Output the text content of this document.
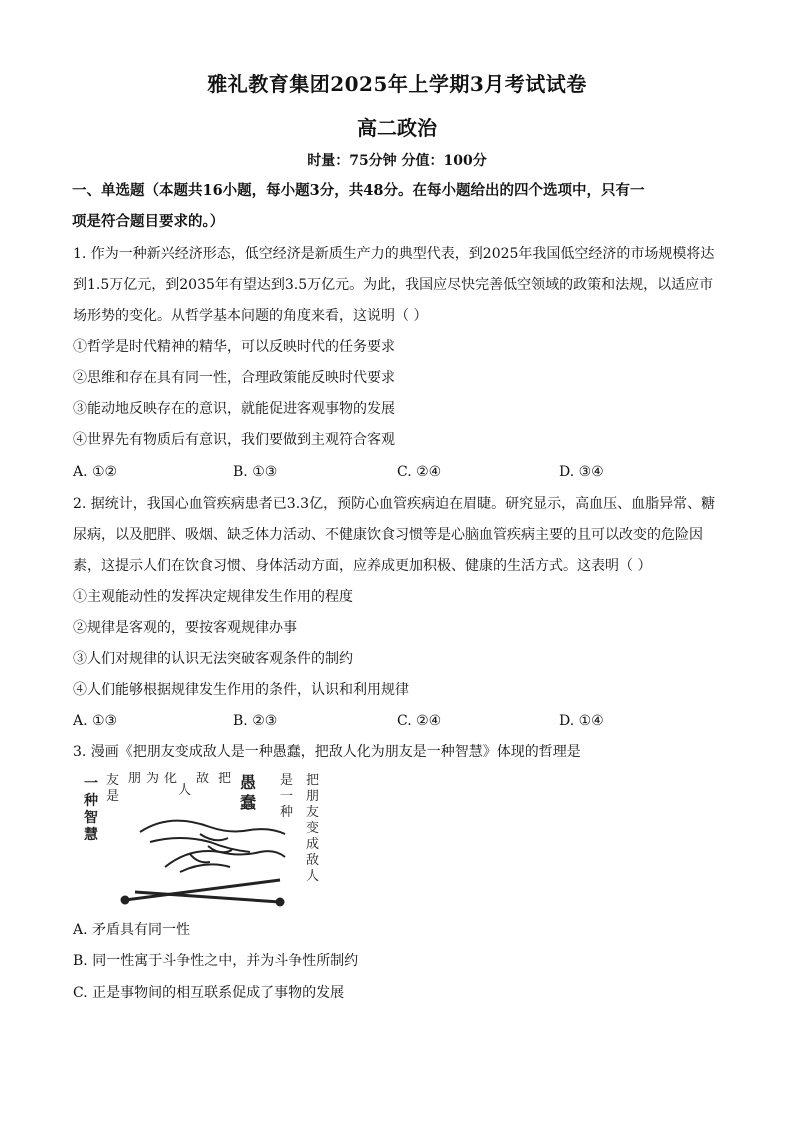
雅礼教育集团2025年上学期3月考试试卷
高二政治
时量：75分钟 分值：100分
一、单选题（本题共16小题，每小题3分，共48分。在每小题给出的四个选项中，只有一
项是符合题目要求的。）
1. 作为一种新兴经济形态，低空经济是新质生产力的典型代表，到2025年我国低空经济的市场规模将达
到1.5万亿元，到2035年有望达到3.5万亿元。为此，我国应尽快完善低空领域的政策和法规，以适应市
场形势的变化。从哲学基本问题的角度来看，这说明（ ）
①哲学是时代精神的精华，可以反映时代的任务要求
②思维和存在具有同一性，合理政策能反映时代要求
③能动地反映存在的意识，就能促进客观事物的发展
④世界先有物质后有意识，我们要做到主观符合客观
A. ①②	B. ①③	C. ②④	D. ③④
2. 据统计，我国心血管疾病患者已3.3亿，预防心血管疾病迫在眉睫。研究显示，高血压、血脂异常、糖
尿病，以及肥胖、吸烟、缺乏体力活动、不健康饮食习惯等是心脑血管疾病主要的且可以改变的危险因
素，这提示人们在饮食习惯、身体活动方面，应养成更加积极、健康的生活方式。这表明（ ）
①主观能动性的发挥决定规律发生作用的程度
②规律是客观的，要按客观规律办事
③人们对规律的认识无法突破客观条件的制约
④人们能够根据规律发生作用的条件，认识和利用规律
A. ①③	B. ②③	C. ②④	D. ①④
3. 漫画《把朋友变成敌人是一种愚蠢，把敌人化为朋友是一种智慧》体现的哲理是
一
种
智
慧
友
是
朋 为 化
人
敌 把 愚
蠢
是
一
种
把
朋
友
变
成
敌
人
A. 矛盾具有同一性
B. 同一性寓于斗争性之中，并为斗争性所制约
C. 正是事物间的相互联系促成了事物的发展
